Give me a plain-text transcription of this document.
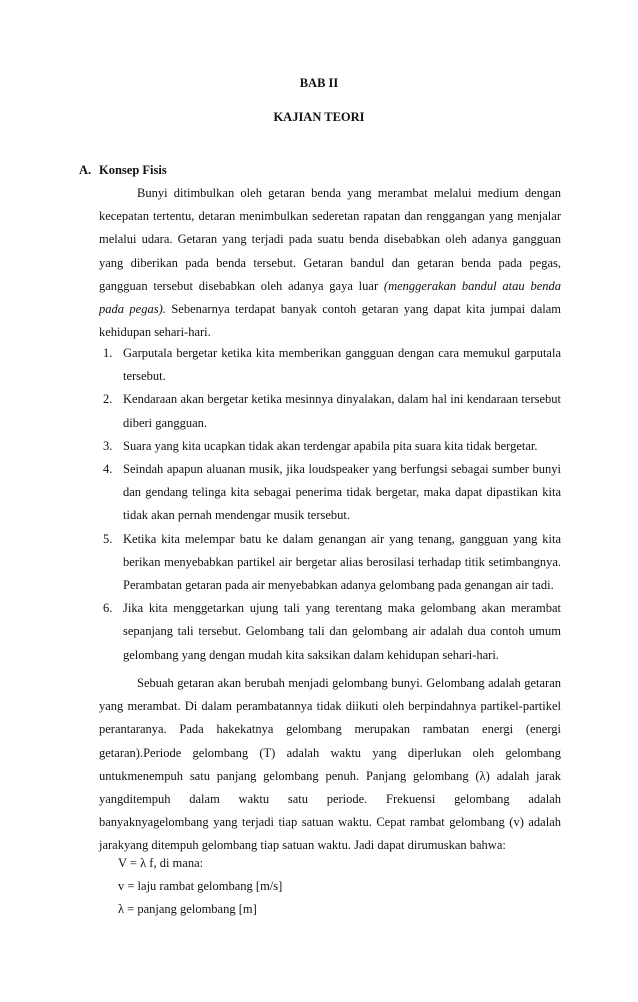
BAB II
KAJIAN TEORI
A. Konsep Fisis
Bunyi ditimbulkan oleh getaran benda yang merambat melalui medium dengan kecepatan tertentu, detaran menimbulkan sederetan rapatan dan renggangan yang menjalar melalui udara. Getaran yang terjadi pada suatu benda disebabkan oleh adanya gangguan yang diberikan pada benda tersebut. Getaran bandul dan getaran benda pada pegas, gangguan tersebut disebabkan oleh adanya gaya luar (menggerakan bandul atau benda pada pegas). Sebenarnya terdapat banyak contoh getaran yang dapat kita jumpai dalam kehidupan sehari-hari.
1. Garputala bergetar ketika kita memberikan gangguan dengan cara memukul garputala tersebut.
2. Kendaraan akan bergetar ketika mesinnya dinyalakan, dalam hal ini kendaraan tersebut diberi gangguan.
3. Suara yang kita ucapkan tidak akan terdengar apabila pita suara kita tidak bergetar.
4. Seindah apapun aluanan musik, jika loudspeaker yang berfungsi sebagai sumber bunyi dan gendang telinga kita sebagai penerima tidak bergetar, maka dapat dipastikan kita tidak akan pernah mendengar musik tersebut.
5. Ketika kita melempar batu ke dalam genangan air yang tenang, gangguan yang kita berikan menyebabkan partikel air bergetar alias berosilasi terhadap titik setimbangnya. Perambatan getaran pada air menyebabkan adanya gelombang pada genangan air tadi.
6. Jika kita menggetarkan ujung tali yang terentang maka gelombang akan merambat sepanjang tali tersebut. Gelombang tali dan gelombang air adalah dua contoh umum gelombang yang dengan mudah kita saksikan dalam kehidupan sehari-hari.
Sebuah getaran akan berubah menjadi gelombang bunyi. Gelombang adalah getaran yang merambat. Di dalam perambatannya tidak diikuti oleh berpindahnya partikel-partikel perantaranya. Pada hakekatnya gelombang merupakan rambatan energi (energi getaran).Periode gelombang (T) adalah waktu yang diperlukan oleh gelombang untukmenempuh satu panjang gelombang penuh. Panjang gelombang (λ) adalah jarak yangditempuh dalam waktu satu periode. Frekuensi gelombang adalah banyaknyagelombang yang terjadi tiap satuan waktu. Cepat rambat gelombang (v) adalah jarakyang ditempuh gelombang tiap satuan waktu. Jadi dapat dirumuskan bahwa:
V = λ f, di mana:
v = laju rambat gelombang [m/s]
λ = panjang gelombang [m]
